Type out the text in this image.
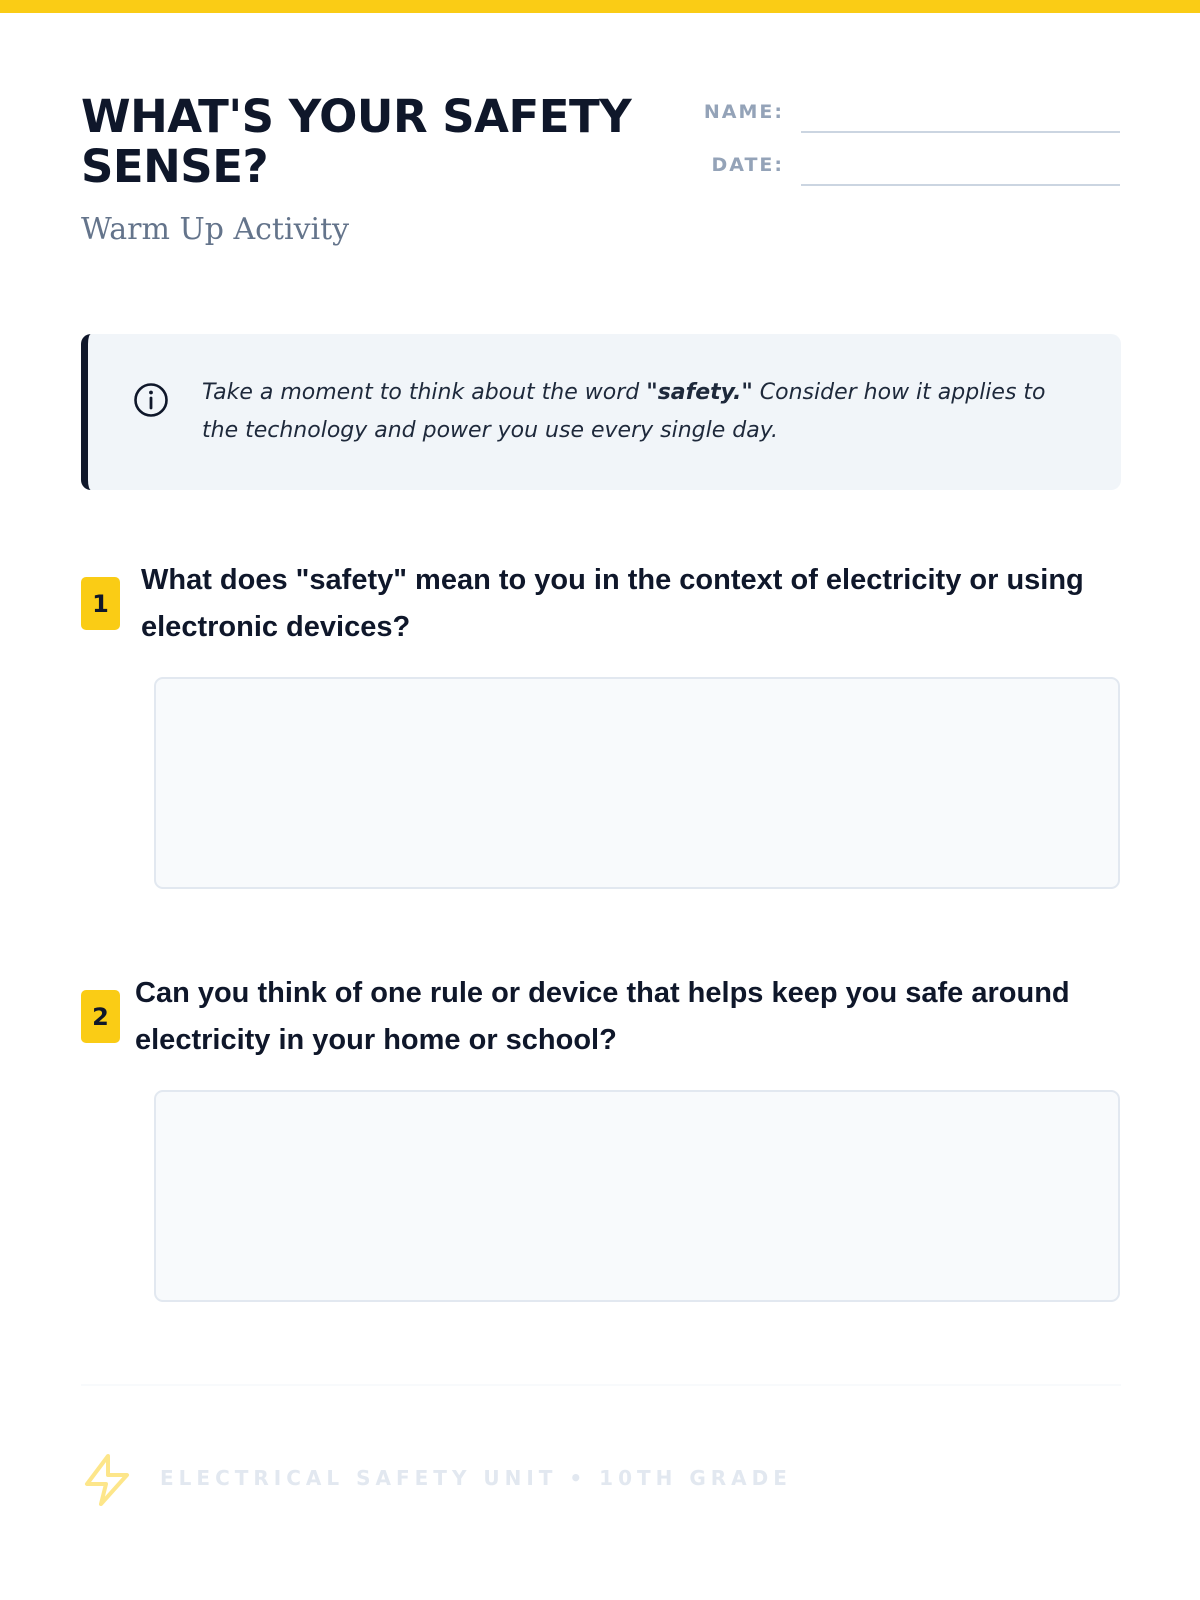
WHAT'S YOUR SAFETY SENSE?
Warm Up Activity
NAME:
DATE:

Take a moment to think about the word "safety." Consider how it applies to the technology and power you use every single day.

1

What does "safety" mean to you in the context of electricity or using electronic devices?

2

Can you think of one rule or device that helps keep you safe around electricity in your home or school?

ELECTRICAL SAFETY UNIT • 10TH GRADE
